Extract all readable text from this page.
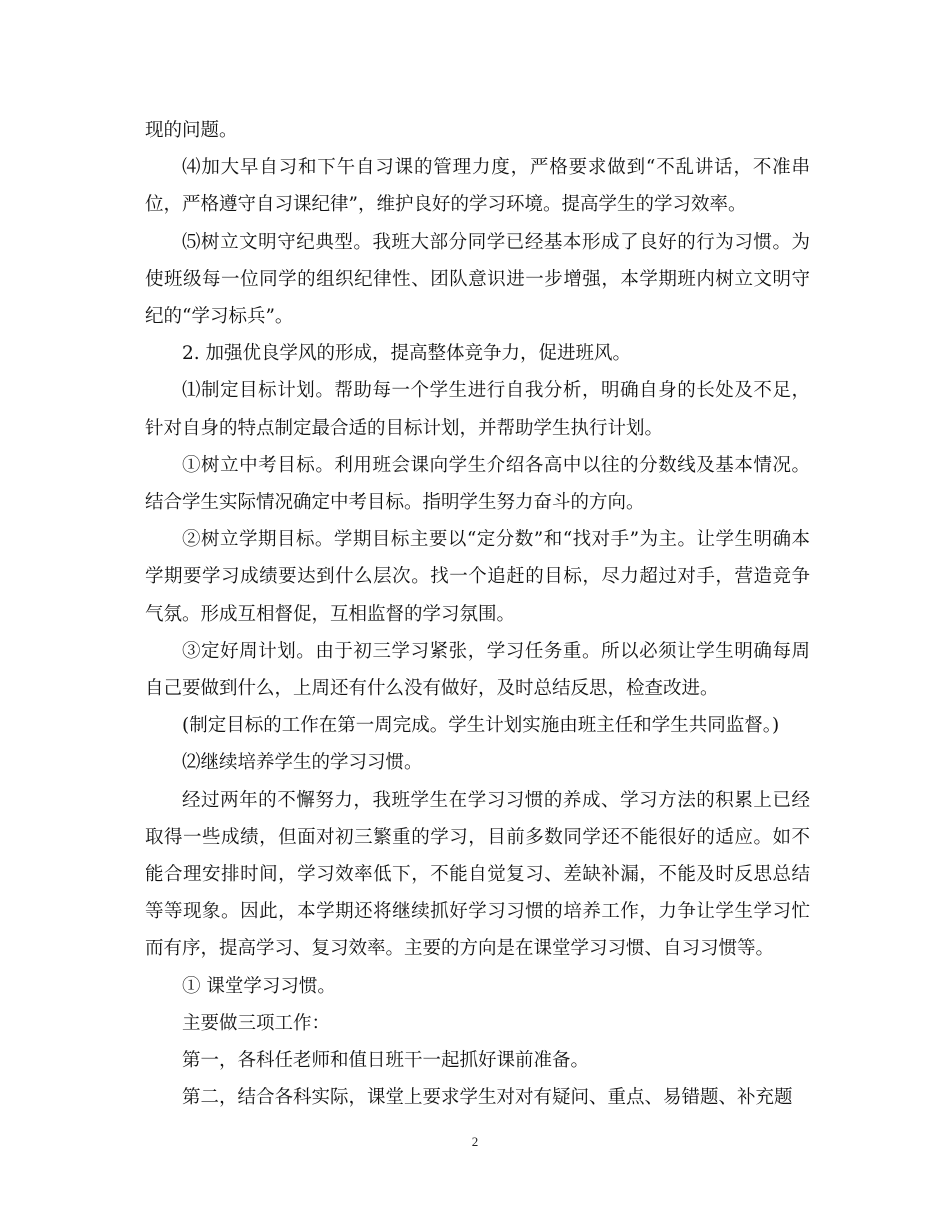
现的问题。

⑷加大早自习和下午自习课的管理力度，严格要求做到“不乱讲话，不准串位，严格遵守自习课纪律”，维护良好的学习环境。提高学生的学习效率。

⑸树立文明守纪典型。我班大部分同学已经基本形成了良好的行为习惯。为使班级每一位同学的组织纪律性、团队意识进一步增强，本学期班内树立文明守纪的“学习标兵”。

2. 加强优良学风的形成，提高整体竞争力，促进班风。

⑴制定目标计划。帮助每一个学生进行自我分析，明确自身的长处及不足，针对自身的特点制定最合适的目标计划，并帮助学生执行计划。

①树立中考目标。利用班会课向学生介绍各高中以往的分数线及基本情况。结合学生实际情况确定中考目标。指明学生努力奋斗的方向。

②树立学期目标。学期目标主要以“定分数”和“找对手”为主。让学生明确本学期要学习成绩要达到什么层次。找一个追赶的目标，尽力超过对手，营造竞争气氛。形成互相督促，互相监督的学习氛围。

③定好周计划。由于初三学习紧张，学习任务重。所以必须让学生明确每周自己要做到什么，上周还有什么没有做好，及时总结反思，检查改进。

(制定目标的工作在第一周完成。学生计划实施由班主任和学生共同监督。)

⑵继续培养学生的学习习惯。

经过两年的不懈努力，我班学生在学习习惯的养成、学习方法的积累上已经取得一些成绩，但面对初三繁重的学习，目前多数同学还不能很好的适应。如不能合理安排时间，学习效率低下，不能自觉复习、差缺补漏，不能及时反思总结等等现象。因此，本学期还将继续抓好学习习惯的培养工作，力争让学生学习忙而有序，提高学习、复习效率。主要的方向是在课堂学习习惯、自习习惯等。

① 课堂学习习惯。

主要做三项工作：

第一，各科任老师和值日班干一起抓好课前准备。

第二，结合各科实际，课堂上要求学生对对有疑问、重点、易错题、补充题

2
